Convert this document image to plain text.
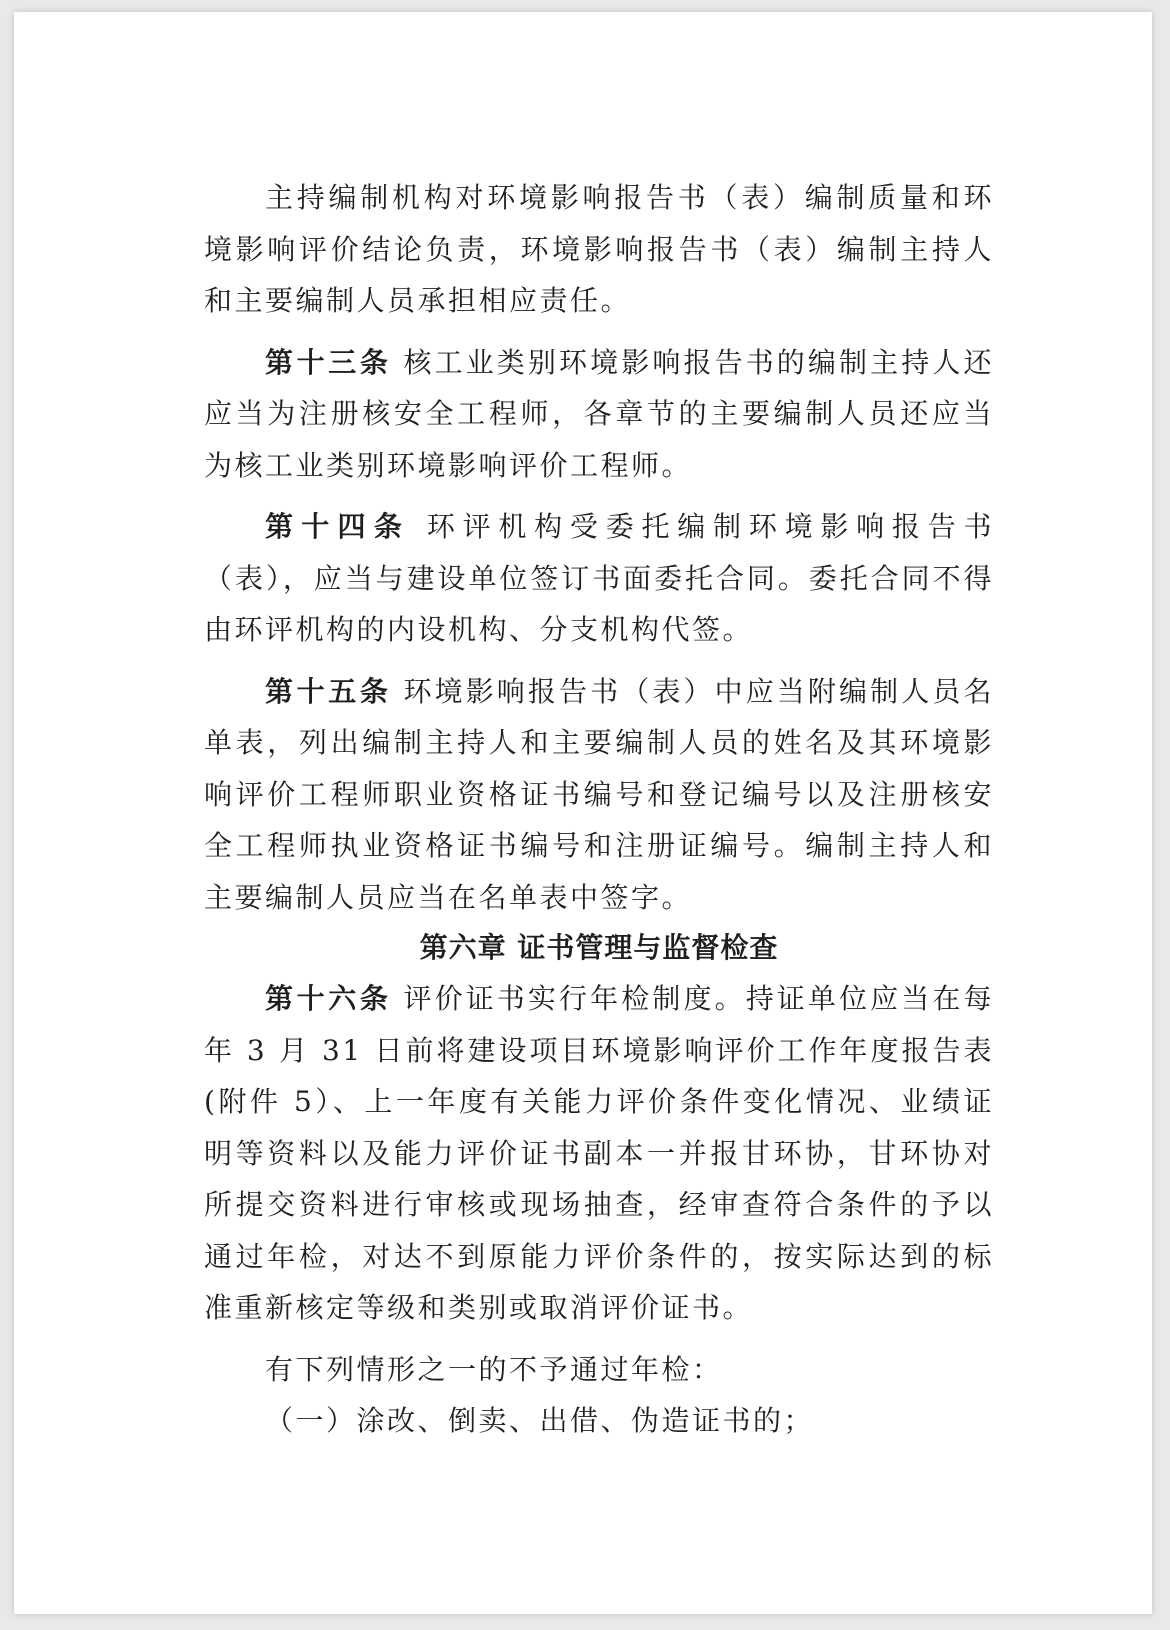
主持编制机构对环境影响报告书（表）编制质量和环境影响评价结论负责，环境影响报告书（表）编制主持人和主要编制人员承担相应责任。

第十三条 核工业类别环境影响报告书的编制主持人还应当为注册核安全工程师，各章节的主要编制人员还应当为核工业类别环境影响评价工程师。

第十四条 环评机构受委托编制环境影响报告书（表），应当与建设单位签订书面委托合同。委托合同不得由环评机构的内设机构、分支机构代签。

第十五条 环境影响报告书（表）中应当附编制人员名单表，列出编制主持人和主要编制人员的姓名及其环境影响评价工程师职业资格证书编号和登记编号以及注册核安全工程师执业资格证书编号和注册证编号。编制主持人和主要编制人员应当在名单表中签字。

第六章 证书管理与监督检查

第十六条 评价证书实行年检制度。持证单位应当在每年 3 月 31 日前将建设项目环境影响评价工作年度报告表(附件 5）、上一年度有关能力评价条件变化情况、业绩证明等资料以及能力评价证书副本一并报甘环协，甘环协对所提交资料进行审核或现场抽查，经审查符合条件的予以通过年检，对达不到原能力评价条件的，按实际达到的标准重新核定等级和类别或取消评价证书。

有下列情形之一的不予通过年检：

（一）涂改、倒卖、出借、伪造证书的；
